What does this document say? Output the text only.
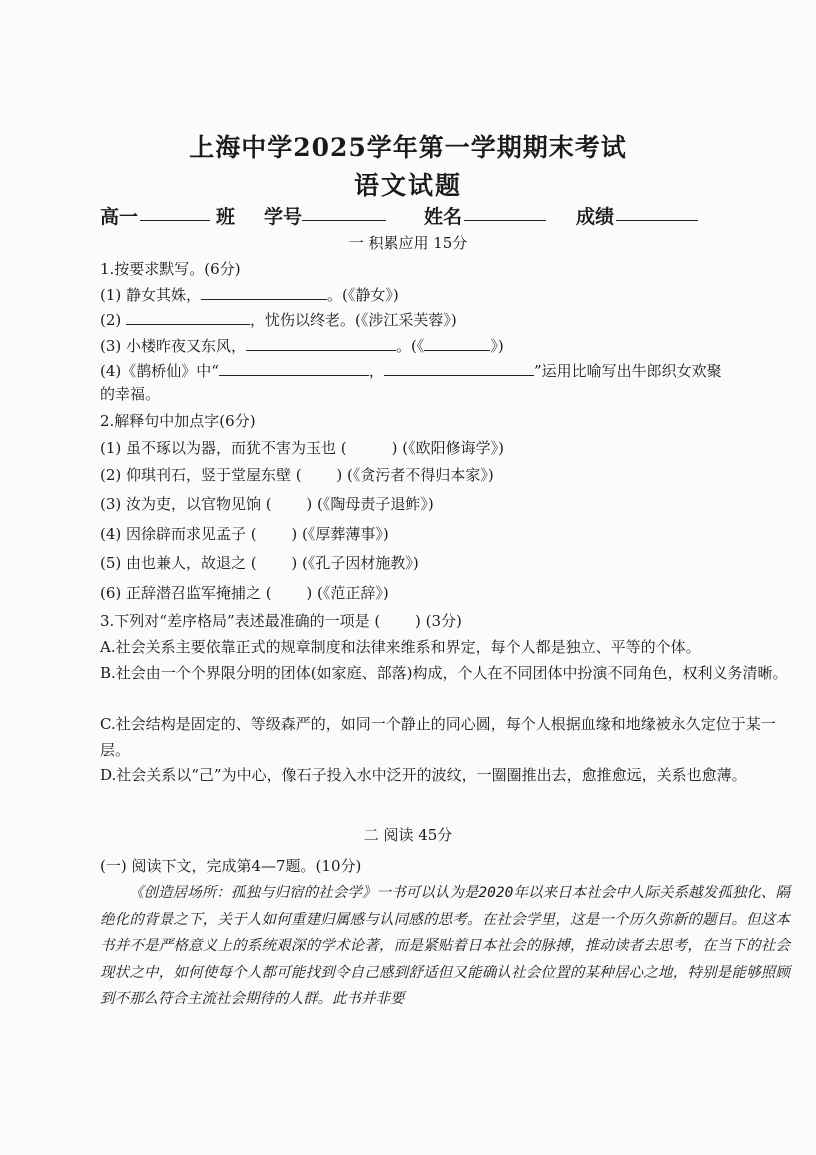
上海中学2025学年第一学期期末考试
语文试题
高一	班 学号	姓名	成绩
一 积累应用 15分
1.按要求默写。(6分)
(1) 静女其姝，	。(《静女》)
(2)	，忧伤以终老。(《涉江采芙蓉》)
(3) 小楼昨夜又东风，	。(《	》)
(4)《鹊桥仙》中“	，	”运用比喻写出牛郎织女欢聚
的幸福。
2.解释句中加点字(6分)
(1) 虽不琢以为器，而犹不害为玉也 (　　　) (《欧阳修诲学》)
(2) 仰琪刊石，竖于堂屋东壁 (　　 ) (《贪污者不得归本家》)
(3) 汝为吏，以官物见饷 (　　 ) (《陶母责子退鲊》)
(4) 因徐辟而求见孟子 (　　 ) (《厚葬薄事》)
(5) 由也兼人，故退之 (　　 ) (《孔子因材施教》)
(6) 正辞潜召监军掩捕之 (　　 ) (《范正辞》)
3.下列对“差序格局”表述最准确的一项是 (　　 ) (3分)
A.社会关系主要依靠正式的规章制度和法律来维系和界定，每个人都是独立、平等的个体。
B.社会由一个个界限分明的团体(如家庭、部落)构成，个人在不同团体中扮演不同角色，权利义务清晰。
C.社会结构是固定的、等级森严的，如同一个静止的同心圆，每个人根据血缘和地缘被永久定位于某一层。
D.社会关系以“己”为中心，像石子投入水中泛开的波纹，一圈圈推出去，愈推愈远，关系也愈薄。
二 阅读 45分
(一) 阅读下文，完成第4—7题。(10分)
《创造居场所：孤独与归宿的社会学》一书可以认为是2020年以来日本社会中人际关系越发孤独化、隔绝化的背景之下，关于人如何重建归属感与认同感的思考。在社会学里，这是一个历久弥新的题目。但这本书并不是严格意义上的系统艰深的学术论著，而是紧贴着日本社会的脉搏，推动读者去思考，在当下的社会现状之中，如何使每个人都可能找到令自己感到舒适但又能确认社会位置的某种居心之地，特别是能够照顾到不那么符合主流社会期待的人群。此书并非要
